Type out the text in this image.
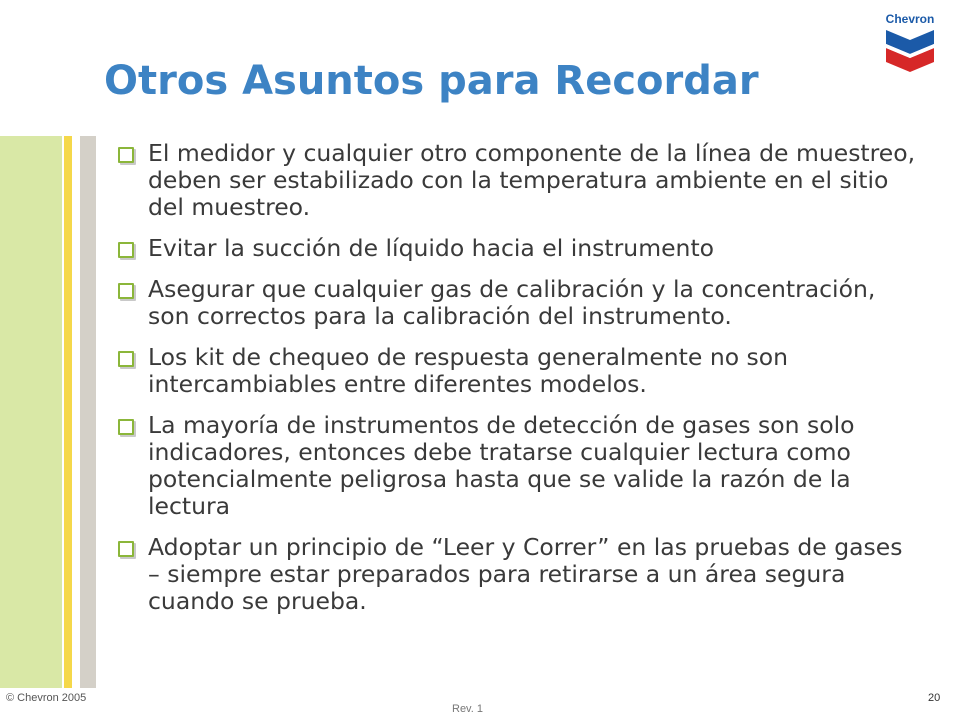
Otros Asuntos para Recordar
Chevron
El medidor y cualquier otro componente de la línea de muestreo, deben ser estabilizado con la temperatura ambiente en el sitio del muestreo.
Evitar la succión de líquido hacia el instrumento
Asegurar que cualquier gas de calibración y la concentración, son correctos para la calibración del instrumento.
Los kit de chequeo de respuesta generalmente no son intercambiables entre diferentes modelos.
La mayoría de instrumentos de detección de gases son solo indicadores, entonces debe tratarse cualquier lectura como potencialmente peligrosa hasta que se valide la razón de la lectura
Adoptar un principio de “Leer y Correr” en las pruebas de gases – siempre estar preparados para retirarse a un área segura cuando se prueba.
© Chevron 2005
Rev. 1
20
